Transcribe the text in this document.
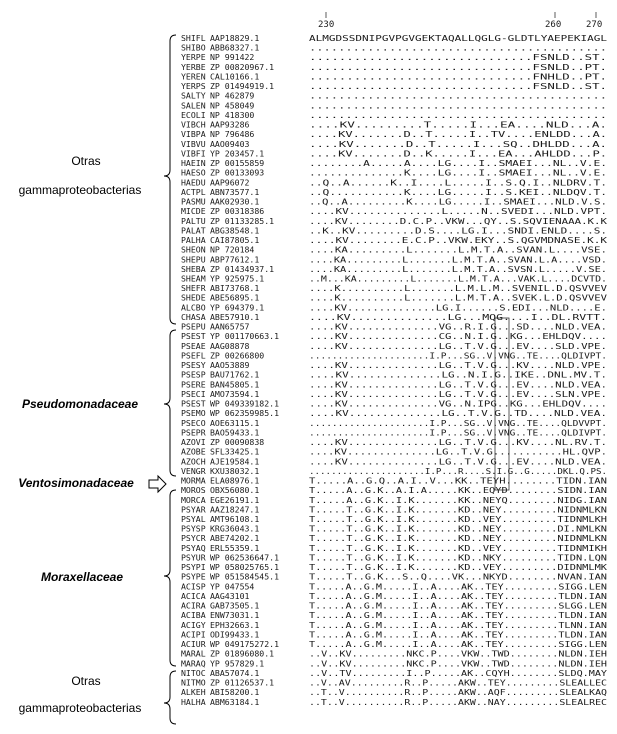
230	260	270
Otras
gammaproteobacterias
Pseudomonadaceae
Ventosimonadaceae
Moraxellaceae
Otras
gammaproteobacterias
SHIFL AAP18829.1	ALMGDSSDNIPGVPGVGEKTAQALLQGLG-GLDTLYAEPEKIAGL
SHIBO ABB68327.1	.........................................
YERPE NP 991422	..............................FSNLD..ST.
YERBE ZP 00820967.1	..............................FSNLD..PT.
YEREN CAL10166.1	..............................FNHLD..PT.
YERPS ZP 01494919.1	..............................FSNLD..ST.
SALTY NP 462879	.........................................
SALEN NP 458049	.........................................
ECOLI NP 418300	.........................................
VIBCH AAP93286	....KV.........T.....I...EA....NLD...A.
VIBPA NP 796486	....KV.......D..T.....I..TV....ENLDD...A.
VIBVU AAO09403	....KV.......D..T.....I...SQ..DHLDD...A.
VIBFI YP 203457.1	....KV.......D..K.....I...EA...AHLDD...P.
HAEIN ZP 00155859	........A.....A....LG....I..SMAEI...NL..V.E.
HAESO ZP 00133093	..............K....LG....I..SMAEI...NL..V.E.
HAEDU AAP96072	..Q..A......K..I....L.....I..S.Q.I..NLDRV.T.
ACTPL ABN73577.1	..Q...........K....LG.....I..S.KEI..NLDQV.T.
PASMU AAK02930.1	..Q..A.........K....LG.....I..SMAEI...NLD.V.S.
MICDE ZP 00318386	....KV..............L.....N..SVEDI...NLD.VPT.
PALTU ZP 01133285.1	....KV........D.C.P..VKW...QY..S.SQVIENAAA.K.K
PALAT ABG38548.1	..K..KV.........D.S....LG.I...SNDI.ENLD....S.
PALHA CAI87805.1	....KV........E.C.P..VKW.EKY..S.QGVMDNASE.K.K
SHEON NP 720184	....KA.........L.......L.M.T.A..SVAN.L....VSE.
SHEPU ABP77612.1	....KA.........L.......L.M.T.A..SVAN.L.A....VSD.
SHEBA ZP 01434937.1	....KA.........L.......L.M.T.A..SVSN.L.....V.SE.
SHEAM YP 925975.1	..M...KA.........L.......L.M.T.A...VAK.L....DCVTD.
SHEFR ABI73768.1	....K..........L.......L.M.L.M..SVENIL.D.QSVVEV
SHEDE ABE56895.1	....K..........L.......L.M.T.A..SVEK.L.D.QSVVEV
ALCBO YP 694379.1	....KV..............LG.I......S.EDI...NLD....E.
CHASA ABE57910.1	....KV..............LG...MQG....I..DL.RVTT.
PSEPU AAN65757	....KV..............VG..R.I.G...SD....NLD.VEA.
PSEST YP 001170663.1	....KV..............CG..N.I.G..KG...EHLDQV....
PSEAE AAG08878	....KV..............LG..T.V.G...EV....SLD.VPE.
PSEFL ZP 00266800	.....................I.P...SG..V.VNG..TE....QLDIVPT.
PSESY AAO53889	....KV..............LG..T.V.G...KV....NLD.VPE.
PSESP BAU71762.1	....KV..............LG..N.I.G..IKE..DNL.MV.T.
PSERE BAN45805.1	....KV..............LG..T.V.G...EV....NLD.VEA.
PSECI AMO73594.1	....KV..............LG..T.V.G...EV....SLN.VPE.
PSEST WP 049339182.1	....KV..............VG..N.IPG..KG...EHLDQV....
PSEMO WP 062359985.1	....KV..............LG..T.V.G..TD....NLD.VEA.
PSECO AOE63115.1	.....................I.P...SG..V.VNG..TE....QLDVVPT.
PSEPR BAO59433.1	.....................I.P...SG..V.VNG..TE....QLDIVPT.
AZOVI ZP 00090838	....KV..............LG..T.V.G...KV....NL.RV.T.
AZOBE SFL33425.1	....KV..............LG..T.V.G...........HL.QVP.
AZOCH AJE19584.1	....KV..............LG..T.V.G...EV....NLD.VEA.
VENGR KXU38032.1	.....................I.P...R....S.I.G..G.....DKL.Q.PS.
MORMA ELA08976.1	T.....A..G.Q..A.I..V...KK..TEYH........TIDN.IAN
MOROS OBX56080.1	T.....A..G.K..A.I.A.....KK..EQYD........SIDN.IAN
MORCA EGE26191.1	T.....A..G.K..I.K.......KK..NEYQ........NIDG.IAN
PSYAR AAZ18247.1	T.....T..G.K..I.K.......KD..NEY.........NIDNMLKN
PSYAL AMT96108.1	T.....T..G.K..I.K.......KD..VEY.........TIDNMLKH
PSYSP KRG36043.1	T.....T..G.K..I.K.......KD..NEY.........DI.NMLKN
PSYCR ABE74202.1	T.....T..G.K..I.K.......KD..NEY.........NIDNMLKN
PSYAQ ERL55359.1	T.....T..G.K..I.K.......KD..VEY.........TIDNMIKH
PSYUR WP 062536647.1	T.....T..G.K..I.K.......KD..NKY.........TIDN.LQN
PSYPI WP 058025765.1	T.....T..G.K..I.K.......KD..VEY.........DIDNMLMK
PSYPE WP 051584545.1	T.....T..G.K...S..Q....VK...NKYD........NVAN.IAN
ACISP YP 047554	T.....A..G.M.....I..A....AK..TEY.........SIGG.LEN
ACICA AAG43101	T.....A..G.M.....I..A....AK..TEY.........TLDN.IAN
ACIRA GAB73505.1	T.....A..G.M.....I..A....AK..TEY.........SLGG.LEN
ACIBA ENW73031.1	T.....A..G.M.....I..A....AK..TEY.........TLDN.IAN
ACIGY EPH32663.1	T.....A..G.M.....I..A....AK..TEY.........TLNN.IAN
ACIPI ODI99433.1	T.....A..G.M.....I..A....AK..TEY.........TLDN.IAN
ACIUR WP 049175272.1	T.....A..G.M.....I..A....AK..TEY.........SIGG.LEN
MARAL ZP 01896080.1	..V..KV.........NKC.P....VKW..TWD........NLDN.IEH
MARAQ YP 957829.1	..V..KV.........NKC.P....VKW..TWD........NLDN.IEH
NITOC ABA57074.1	..V..TV.........I..P.....AK..CQYH........SLDQ.MAY
NITMO ZP 01126537.1	..V..AV.........R..P.....AKW..TEY.........SLEALLEC
ALKEH ABI58200.1	..T..V..........R..P.....AKW..AQF.........SLEALKAQ
HALHA ABM63184.1	..T..V..........R..P.....AKW..NAY.........SLEALREC
